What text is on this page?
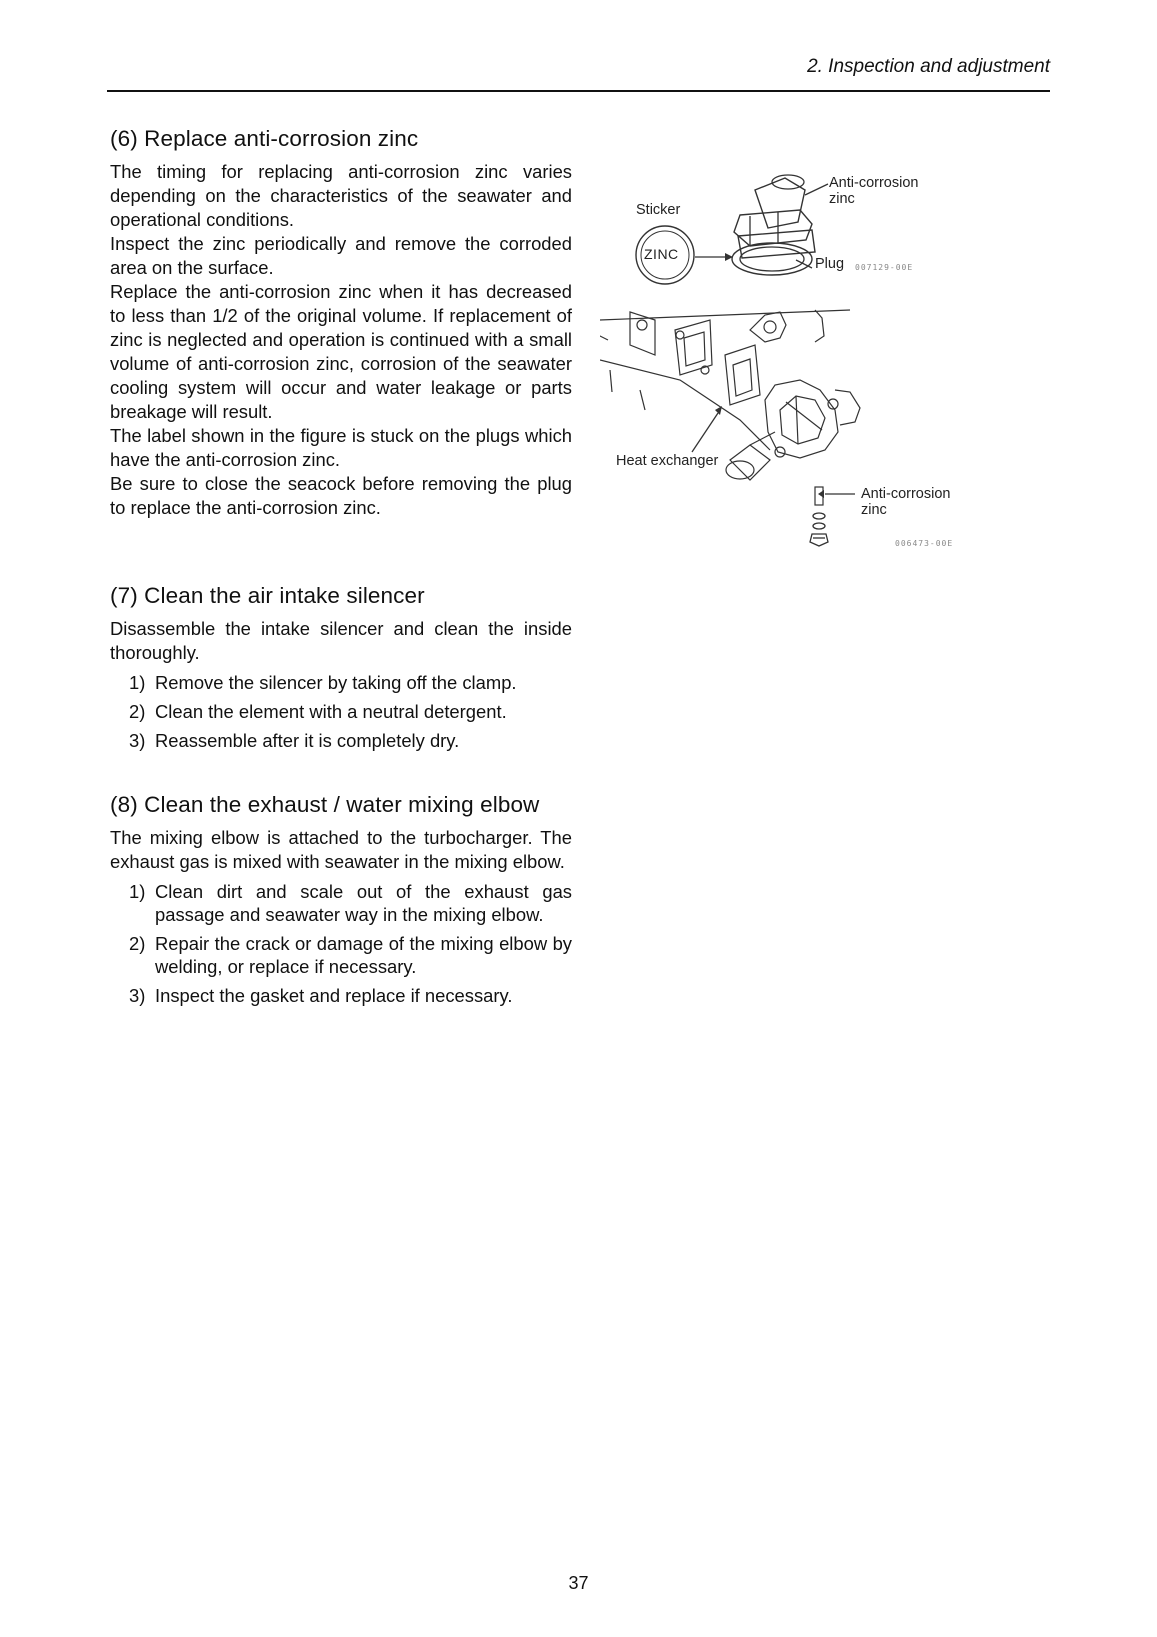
2. Inspection and adjustment
(6) Replace anti-corrosion zinc

The timing for replacing anti-corrosion zinc varies depending on the characteristics of the seawater and operational conditions.

Inspect the zinc periodically and remove the corroded area on the surface.

Replace the anti-corrosion zinc when it has decreased to less than 1/2 of the original volume. If replacement of zinc is neglected and operation is continued with a small volume of anti-corrosion zinc, corrosion of the seawater cooling system will occur and water leakage or parts breakage will result.

The label shown in the figure is stuck on the plugs which have the anti-corrosion zinc.

Be sure to close the seacock before removing the plug to replace the anti-corrosion zinc.

(7) Clean the air intake silencer

Disassemble the intake silencer and clean the inside thoroughly.

1) Remove the silencer by taking off the clamp.
2) Clean the element with a neutral detergent.
3) Reassemble after it is completely dry.
(8) Clean the exhaust / water mixing elbow

The mixing elbow is attached to the turbocharger. The exhaust gas is mixed with seawater in the mixing elbow.

1) Clean dirt and scale out of the exhaust gas passage and seawater way in the mixing elbow.
2) Repair the crack or damage of the mixing elbow by welding, or replace if necessary.
3) Inspect the gasket and replace if necessary.
Sticker
ZINC
Anti-corrosion
zinc
Plug 007129-00E
Heat exchanger
Anti-corrosion
zinc
006473-00E
37
